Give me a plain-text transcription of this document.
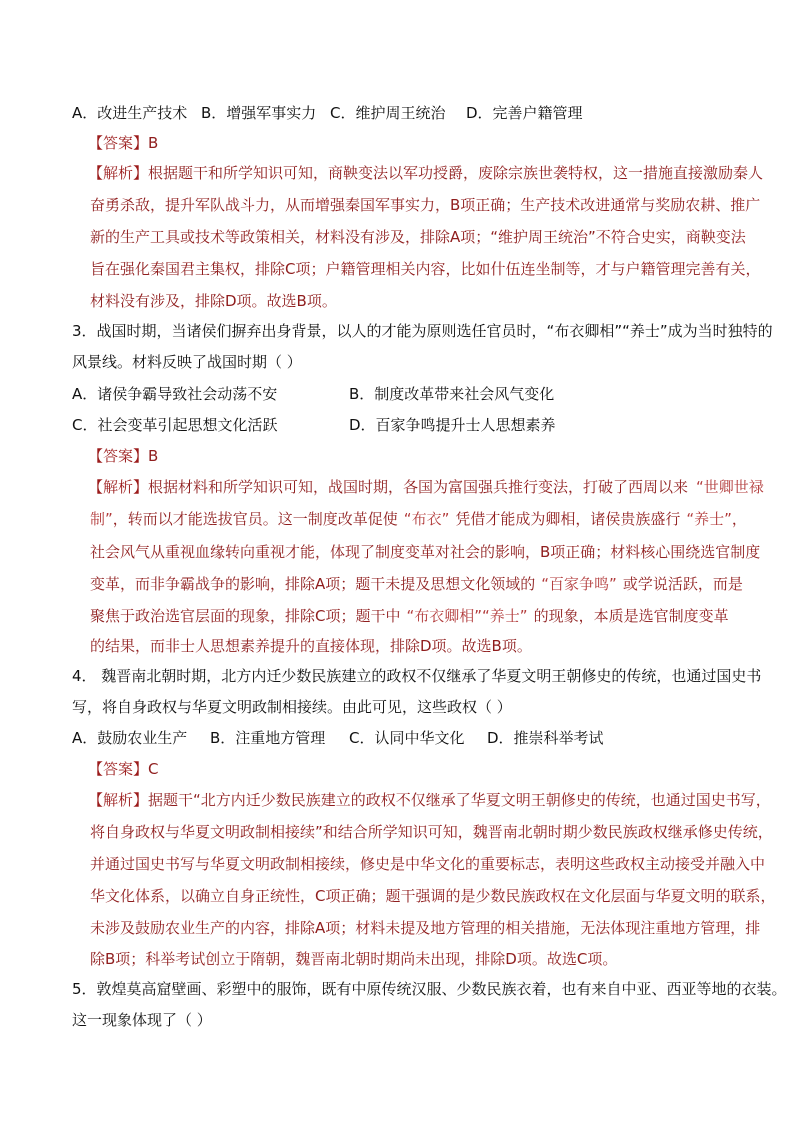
A．改进生产技术 B．增强军事实力 C．维护周王统治 D．完善户籍管理
【答案】B
【解析】根据题干和所学知识可知，商鞅变法以军功授爵，废除宗族世袭特权，这一措施直接激励秦人
奋勇杀敌，提升军队战斗力，从而增强秦国军事实力，B项正确；生产技术改进通常与奖励农耕、推广
新的生产工具或技术等政策相关，材料没有涉及，排除A项；“维护周王统治”不符合史实，商鞅变法
旨在强化秦国君主集权，排除C项；户籍管理相关内容，比如什伍连坐制等，才与户籍管理完善有关，
材料没有涉及，排除D项。故选B项。
3．战国时期，当诸侯们摒弃出身背景，以人的才能为原则选任官员时，“布衣卿相”“养士”成为当时独特的
风景线。材料反映了战国时期（ ）
A．诸侯争霸导致社会动荡不安	B．制度改革带来社会风气变化
C．社会变革引起思想文化活跃	D．百家争鸣提升士人思想素养
【答案】B
【解析】根据材料和所学知识可知，战国时期，各国为富国强兵推行变法，打破了西周以来 “世卿世禄
制”，转而以才能选拔官员。这一制度改革促使 “布衣” 凭借才能成为卿相，诸侯贵族盛行 “养士”，
社会风气从重视血缘转向重视才能，体现了制度变革对社会的影响，B项正确；材料核心围绕选官制度
变革，而非争霸战争的影响，排除A项；题干未提及思想文化领域的 “百家争鸣” 或学说活跃，而是
聚焦于政治选官层面的现象，排除C项；题干中 “布衣卿相”“养士” 的现象，本质是选官制度变革
的结果，而非士人思想素养提升的直接体现，排除D项。故选B项。
4． 魏晋南北朝时期，北方内迁少数民族建立的政权不仅继承了华夏文明王朝修史的传统，也通过国史书
写，将自身政权与华夏文明政制相接续。由此可见，这些政权（ ）
A．鼓励农业生产 B．注重地方管理 C．认同中华文化 D．推崇科举考试
【答案】C
【解析】据题干“北方内迁少数民族建立的政权不仅继承了华夏文明王朝修史的传统，也通过国史书写，
将自身政权与华夏文明政制相接续”和结合所学知识可知，魏晋南北朝时期少数民族政权继承修史传统，
并通过国史书写与华夏文明政制相接续，修史是中华文化的重要标志，表明这些政权主动接受并融入中
华文化体系，以确立自身正统性，C项正确；题干强调的是少数民族政权在文化层面与华夏文明的联系，
未涉及鼓励农业生产的内容，排除A项；材料未提及地方管理的相关措施，无法体现注重地方管理，排
除B项；科举考试创立于隋朝，魏晋南北朝时期尚未出现，排除D项。故选C项。
5．敦煌莫高窟壁画、彩塑中的服饰，既有中原传统汉服、少数民族衣着，也有来自中亚、西亚等地的衣装。
这一现象体现了（ ）
